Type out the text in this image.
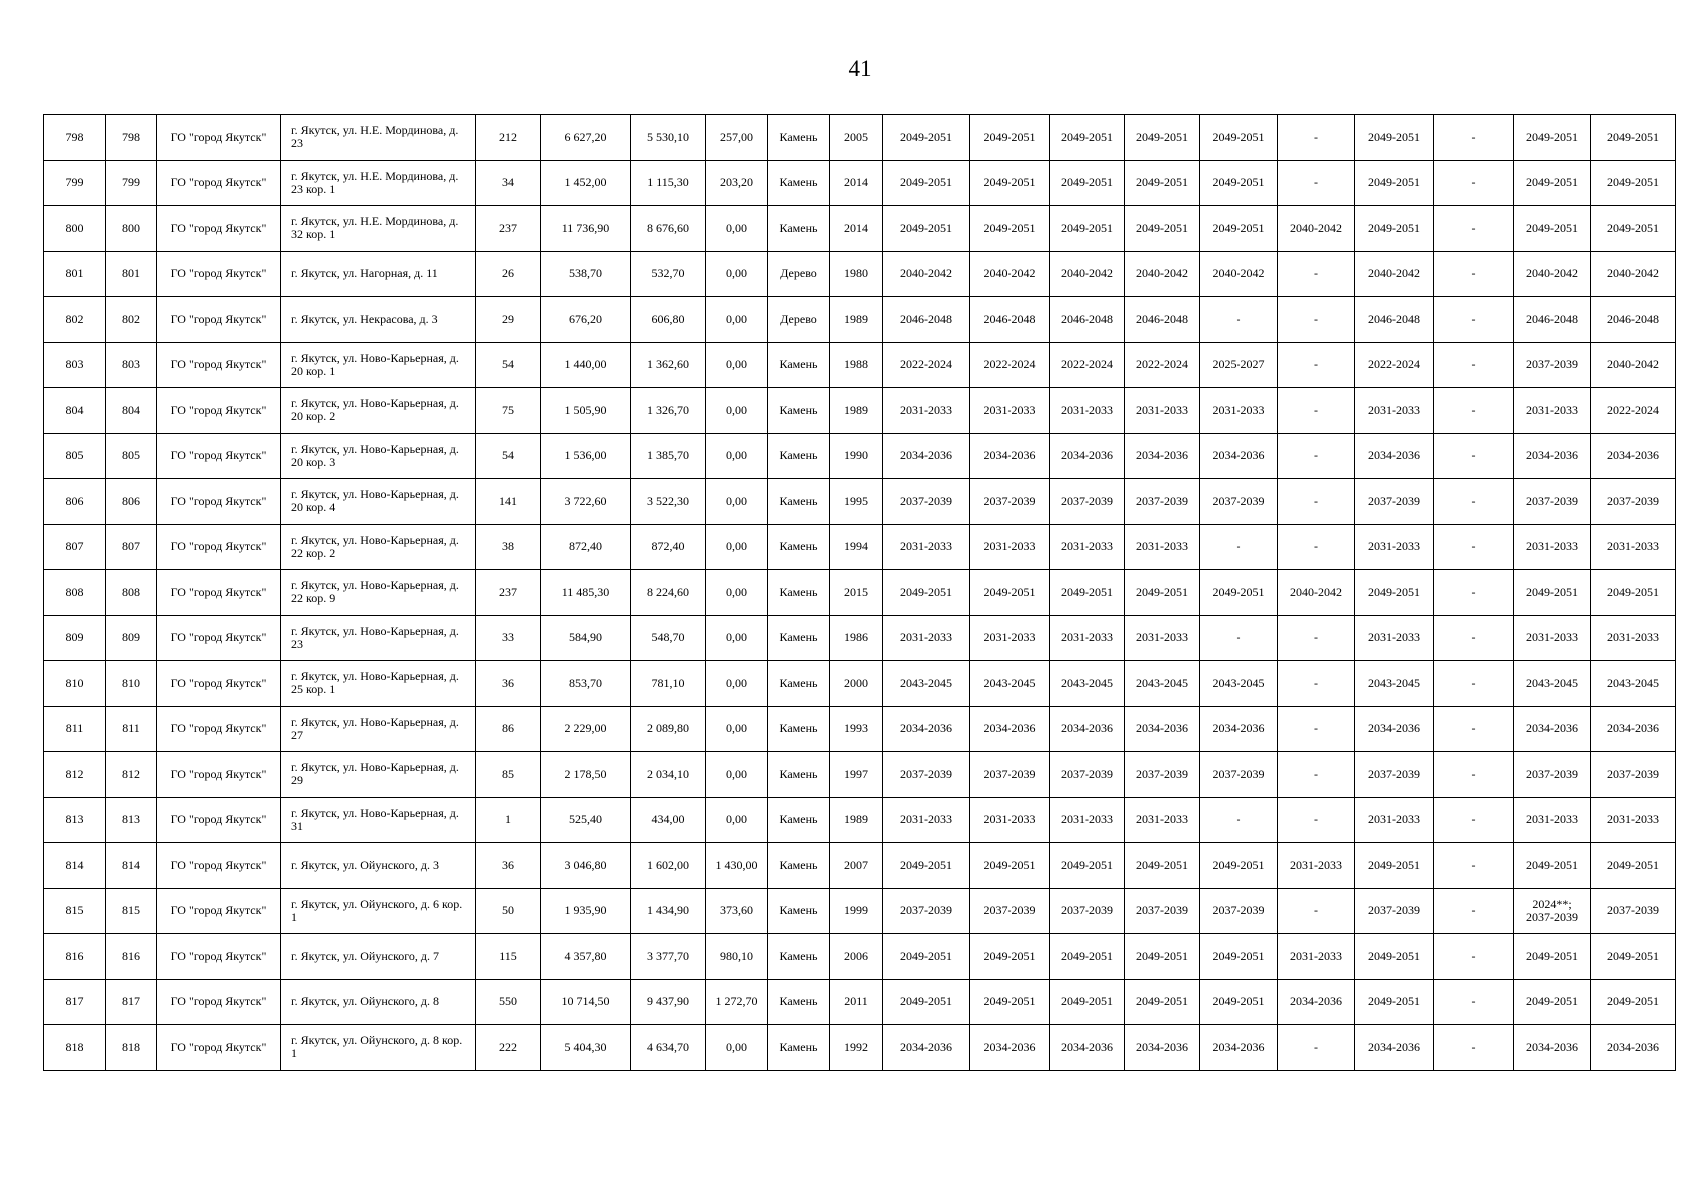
41
798	798	ГО "город Якутск"	г. Якутск, ул. Н.Е. Мординова, д. 23	212	6 627,20	5 530,10	257,00	Камень	2005	2049-2051	2049-2051	2049-2051	2049-2051	2049-2051	-	2049-2051	-	2049-2051	2049-2051
799	799	ГО "город Якутск"	г. Якутск, ул. Н.Е. Мординова, д. 23 кор. 1	34	1 452,00	1 115,30	203,20	Камень	2014	2049-2051	2049-2051	2049-2051	2049-2051	2049-2051	-	2049-2051	-	2049-2051	2049-2051
800	800	ГО "город Якутск"	г. Якутск, ул. Н.Е. Мординова, д. 32 кор. 1	237	11 736,90	8 676,60	0,00	Камень	2014	2049-2051	2049-2051	2049-2051	2049-2051	2049-2051	2040-2042	2049-2051	-	2049-2051	2049-2051
801	801	ГО "город Якутск"	г. Якутск, ул. Нагорная, д. 11	26	538,70	532,70	0,00	Дерево	1980	2040-2042	2040-2042	2040-2042	2040-2042	2040-2042	-	2040-2042	-	2040-2042	2040-2042
802	802	ГО "город Якутск"	г. Якутск, ул. Некрасова, д. 3	29	676,20	606,80	0,00	Дерево	1989	2046-2048	2046-2048	2046-2048	2046-2048	-	-	2046-2048	-	2046-2048	2046-2048
803	803	ГО "город Якутск"	г. Якутск, ул. Ново-Карьерная, д. 20 кор. 1	54	1 440,00	1 362,60	0,00	Камень	1988	2022-2024	2022-2024	2022-2024	2022-2024	2025-2027	-	2022-2024	-	2037-2039	2040-2042
804	804	ГО "город Якутск"	г. Якутск, ул. Ново-Карьерная, д. 20 кор. 2	75	1 505,90	1 326,70	0,00	Камень	1989	2031-2033	2031-2033	2031-2033	2031-2033	2031-2033	-	2031-2033	-	2031-2033	2022-2024
805	805	ГО "город Якутск"	г. Якутск, ул. Ново-Карьерная, д. 20 кор. 3	54	1 536,00	1 385,70	0,00	Камень	1990	2034-2036	2034-2036	2034-2036	2034-2036	2034-2036	-	2034-2036	-	2034-2036	2034-2036
806	806	ГО "город Якутск"	г. Якутск, ул. Ново-Карьерная, д. 20 кор. 4	141	3 722,60	3 522,30	0,00	Камень	1995	2037-2039	2037-2039	2037-2039	2037-2039	2037-2039	-	2037-2039	-	2037-2039	2037-2039
807	807	ГО "город Якутск"	г. Якутск, ул. Ново-Карьерная, д. 22 кор. 2	38	872,40	872,40	0,00	Камень	1994	2031-2033	2031-2033	2031-2033	2031-2033	-	-	2031-2033	-	2031-2033	2031-2033
808	808	ГО "город Якутск"	г. Якутск, ул. Ново-Карьерная, д. 22 кор. 9	237	11 485,30	8 224,60	0,00	Камень	2015	2049-2051	2049-2051	2049-2051	2049-2051	2049-2051	2040-2042	2049-2051	-	2049-2051	2049-2051
809	809	ГО "город Якутск"	г. Якутск, ул. Ново-Карьерная, д. 23	33	584,90	548,70	0,00	Камень	1986	2031-2033	2031-2033	2031-2033	2031-2033	-	-	2031-2033	-	2031-2033	2031-2033
810	810	ГО "город Якутск"	г. Якутск, ул. Ново-Карьерная, д. 25 кор. 1	36	853,70	781,10	0,00	Камень	2000	2043-2045	2043-2045	2043-2045	2043-2045	2043-2045	-	2043-2045	-	2043-2045	2043-2045
811	811	ГО "город Якутск"	г. Якутск, ул. Ново-Карьерная, д. 27	86	2 229,00	2 089,80	0,00	Камень	1993	2034-2036	2034-2036	2034-2036	2034-2036	2034-2036	-	2034-2036	-	2034-2036	2034-2036
812	812	ГО "город Якутск"	г. Якутск, ул. Ново-Карьерная, д. 29	85	2 178,50	2 034,10	0,00	Камень	1997	2037-2039	2037-2039	2037-2039	2037-2039	2037-2039	-	2037-2039	-	2037-2039	2037-2039
813	813	ГО "город Якутск"	г. Якутск, ул. Ново-Карьерная, д. 31	1	525,40	434,00	0,00	Камень	1989	2031-2033	2031-2033	2031-2033	2031-2033	-	-	2031-2033	-	2031-2033	2031-2033
814	814	ГО "город Якутск"	г. Якутск, ул. Ойунского, д. 3	36	3 046,80	1 602,00	1 430,00	Камень	2007	2049-2051	2049-2051	2049-2051	2049-2051	2049-2051	2031-2033	2049-2051	-	2049-2051	2049-2051
815	815	ГО "город Якутск"	г. Якутск, ул. Ойунского, д. 6 кор. 1	50	1 935,90	1 434,90	373,60	Камень	1999	2037-2039	2037-2039	2037-2039	2037-2039	2037-2039	-	2037-2039	-	2024**; 2037-2039	2037-2039
816	816	ГО "город Якутск"	г. Якутск, ул. Ойунского, д. 7	115	4 357,80	3 377,70	980,10	Камень	2006	2049-2051	2049-2051	2049-2051	2049-2051	2049-2051	2031-2033	2049-2051	-	2049-2051	2049-2051
817	817	ГО "город Якутск"	г. Якутск, ул. Ойунского, д. 8	550	10 714,50	9 437,90	1 272,70	Камень	2011	2049-2051	2049-2051	2049-2051	2049-2051	2049-2051	2034-2036	2049-2051	-	2049-2051	2049-2051
818	818	ГО "город Якутск"	г. Якутск, ул. Ойунского, д. 8 кор. 1	222	5 404,30	4 634,70	0,00	Камень	1992	2034-2036	2034-2036	2034-2036	2034-2036	2034-2036	-	2034-2036	-	2034-2036	2034-2036
